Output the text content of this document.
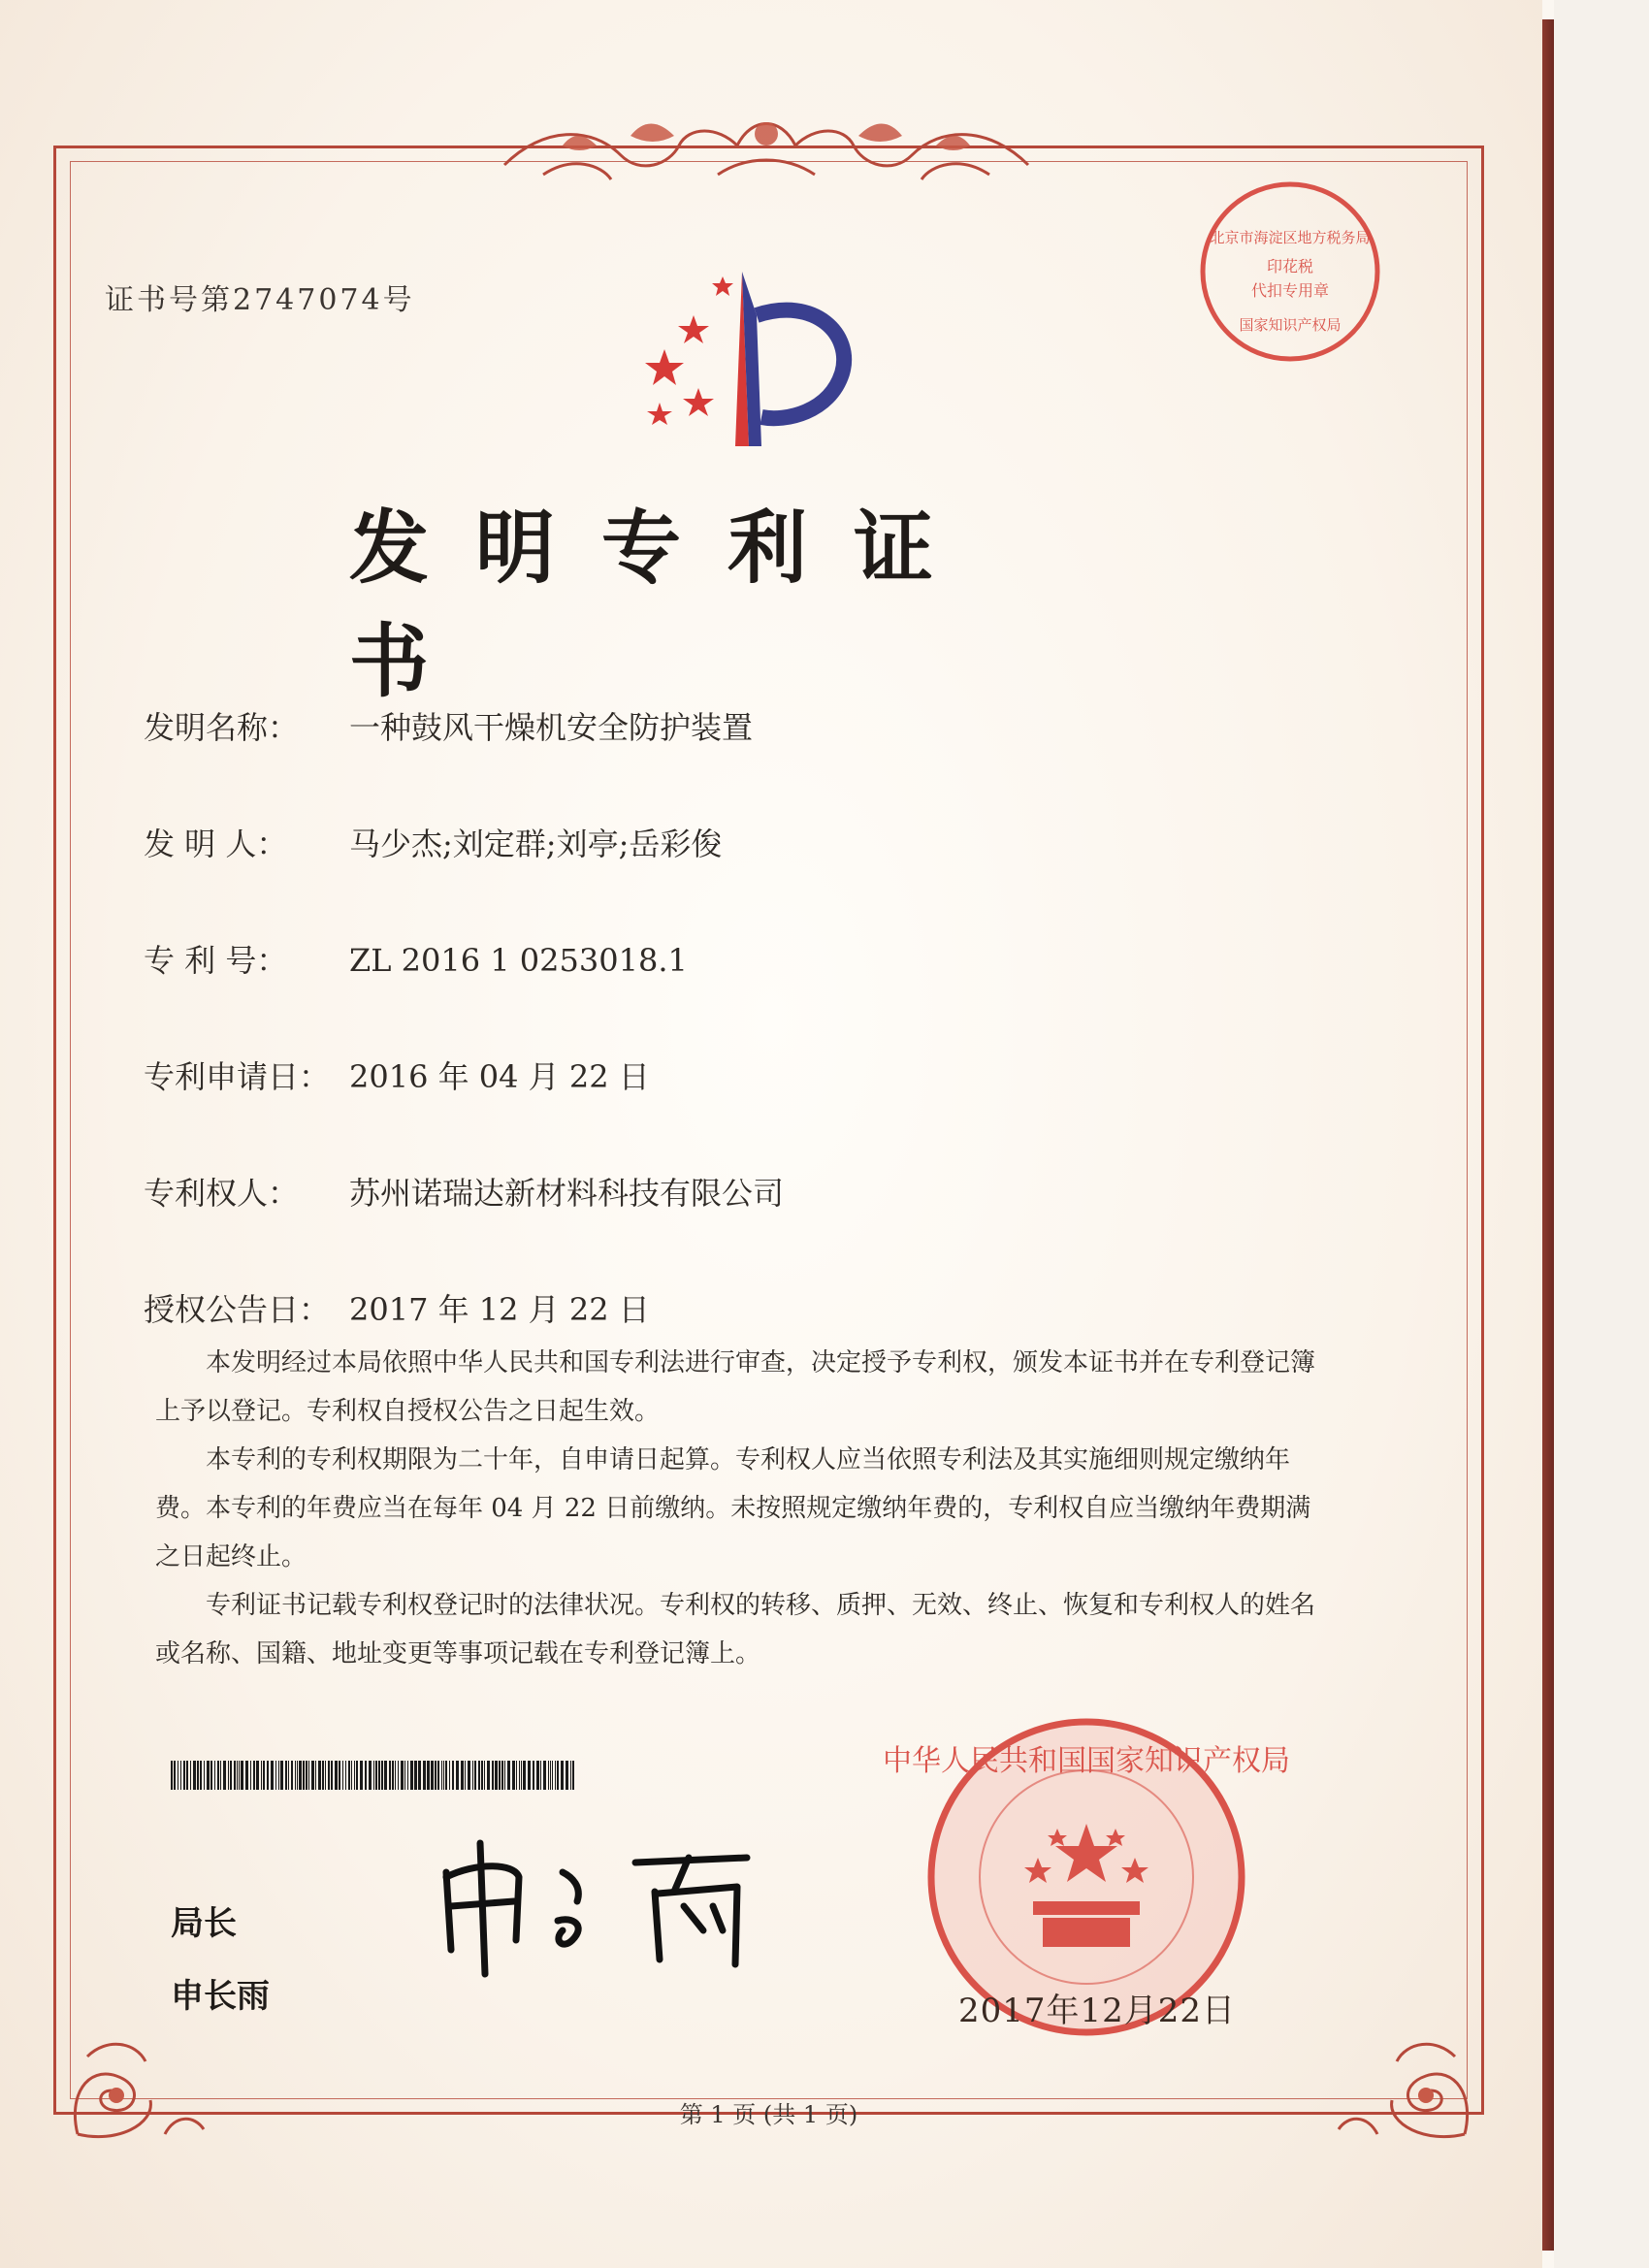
证书号第2747074号
发明专利证书
发明名称： 一种鼓风干燥机安全防护装置
发 明 人： 马少杰;刘定群;刘亭;岳彩俊
专 利 号： ZL 2016 1 0253018.1
专利申请日： 2016 年 04 月 22 日
专利权人： 苏州诺瑞达新材料科技有限公司
授权公告日： 2017 年 12 月 22 日

本发明经过本局依照中华人民共和国专利法进行审查，决定授予专利权，颁发本证书并在专利登记簿上予以登记。专利权自授权公告之日起生效。

本专利的专利权期限为二十年，自申请日起算。专利权人应当依照专利法及其实施细则规定缴纳年费。本专利的年费应当在每年 04 月 22 日前缴纳。未按照规定缴纳年费的，专利权自应当缴纳年费期满之日起终止。

专利证书记载专利权登记时的法律状况。专利权的转移、质押、无效、终止、恢复和专利权人的姓名或名称、国籍、地址变更等事项记载在专利登记簿上。

局长
申长雨
北京市海淀区地方税务局
印花税
代扣专用章
国家知识产权局
中华人民共和国国家知识产权局
2017年12月22日
第 1 页 (共 1 页)
